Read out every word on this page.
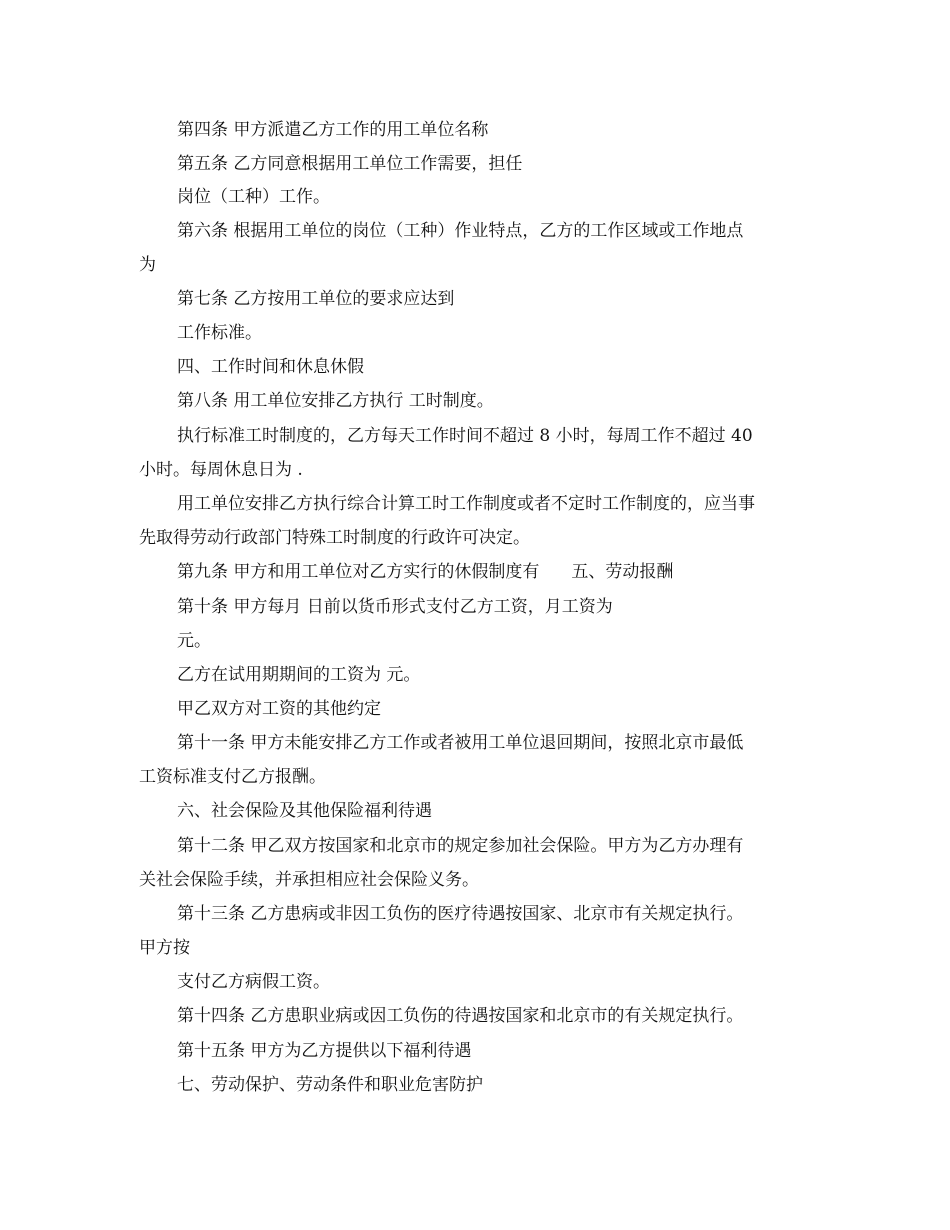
第四条 甲方派遣乙方工作的用工单位名称

第五条 乙方同意根据用工单位工作需要，担任

岗位（工种）工作。

第六条 根据用工单位的岗位（工种）作业特点，乙方的工作区域或工作地点

为

第七条 乙方按用工单位的要求应达到

工作标准。

四、工作时间和休息休假

第八条 用工单位安排乙方执行 工时制度。

执行标准工时制度的，乙方每天工作时间不超过 8 小时，每周工作不超过 40

小时。每周休息日为 .

用工单位安排乙方执行综合计算工时工作制度或者不定时工作制度的，应当事

先取得劳动行政部门特殊工时制度的行政许可决定。

第九条 甲方和用工单位对乙方实行的休假制度有 五、劳动报酬

第十条 甲方每月 日前以货币形式支付乙方工资，月工资为

元。

乙方在试用期期间的工资为 元。

甲乙双方对工资的其他约定

第十一条 甲方未能安排乙方工作或者被用工单位退回期间，按照北京市最低

工资标准支付乙方报酬。

六、社会保险及其他保险福利待遇

第十二条 甲乙双方按国家和北京市的规定参加社会保险。甲方为乙方办理有

关社会保险手续，并承担相应社会保险义务。

第十三条 乙方患病或非因工负伤的医疗待遇按国家、北京市有关规定执行。

甲方按

支付乙方病假工资。

第十四条 乙方患职业病或因工负伤的待遇按国家和北京市的有关规定执行。

第十五条 甲方为乙方提供以下福利待遇

七、劳动保护、劳动条件和职业危害防护
